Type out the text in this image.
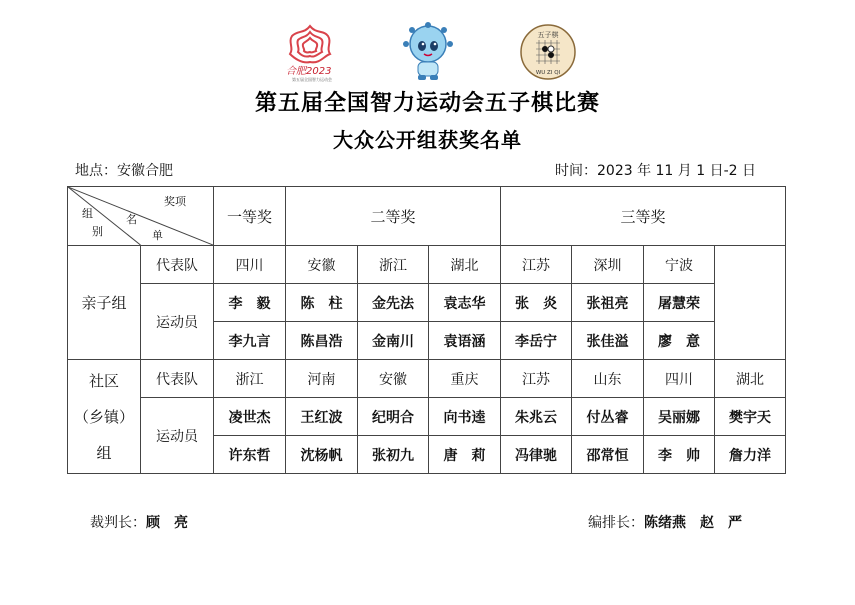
合肥2023
第五届全国智力运动会
五子棋
WU ZI QI
第五届全国智力运动会五子棋比赛
大众公开组获奖名单
地点：安徽合肥	时间：2023 年 11 月 1 日-2 日
奖项
名
单
组
别		一等奖	二等奖			三等奖			
亲子组	代表队	四川	安徽	浙江	湖北	江苏	深圳	宁波	
	运动员	李　毅	陈　柱	金先法	袁志华	张　炎	张祖亮	屠慧荣	
		李九言	陈昌浩	金南川	袁语涵	李岳宁	张佳溢	廖　意	

社区
（乡镇）
组	代表队	浙江	河南	安徽	重庆	江苏	山东	四川	湖北
	运动员	凌世杰	王红波	纪明合	向书逵	朱兆云	付丛睿	吴丽娜	樊宇天
		许东哲	沈杨帆	张初九	唐　莉	冯律驰	邵常恒	李　帅	詹力洋
裁判长：顾　亮	编排长：陈绪燕　赵　严
